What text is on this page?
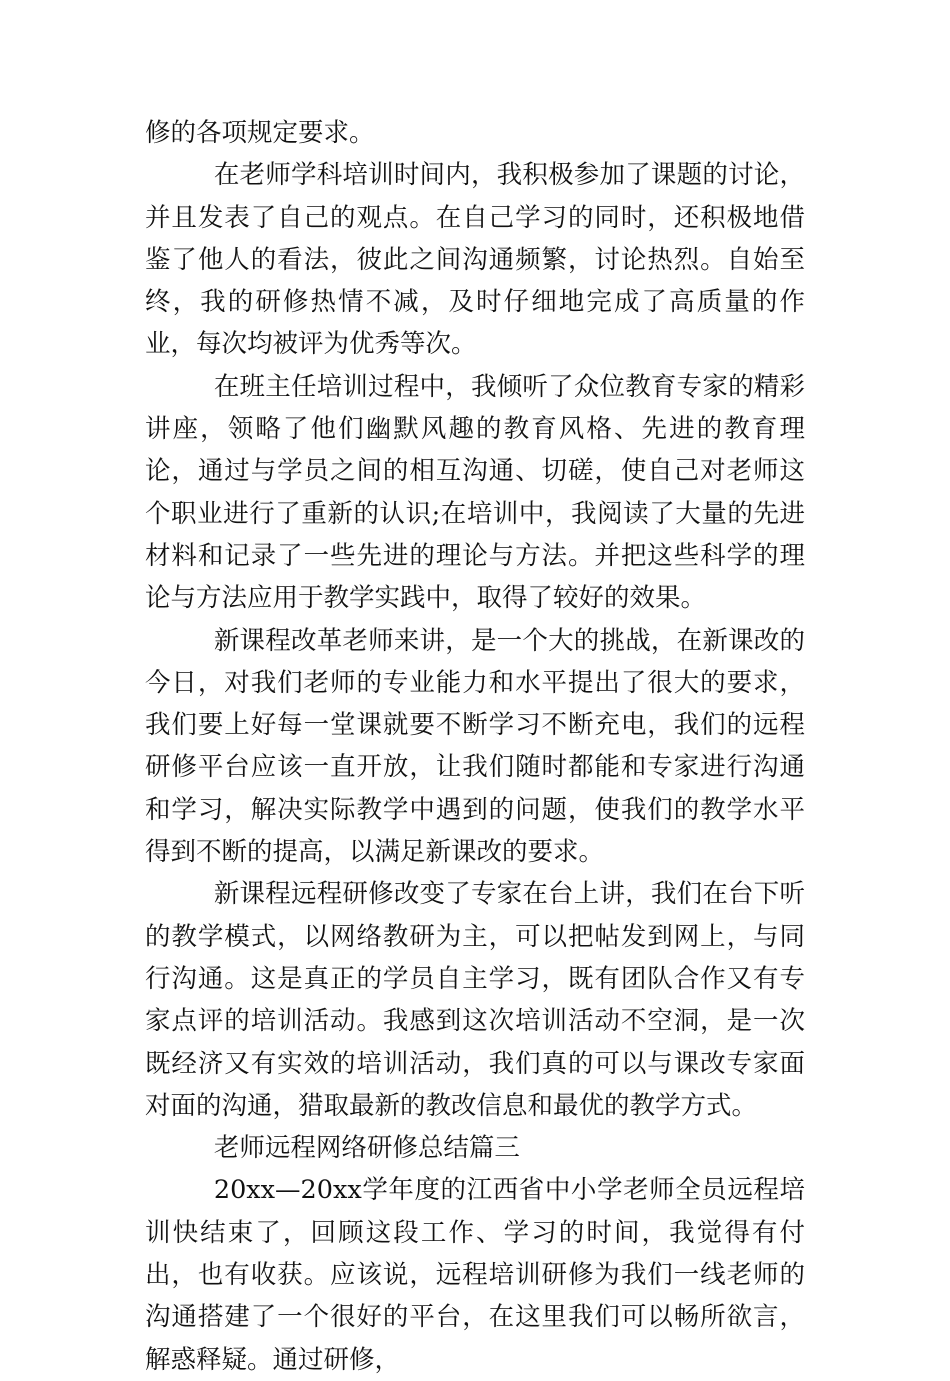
修的各项规定要求。

在老师学科培训时间内，我积极参加了课题的讨论，并且发表了自己的观点。在自己学习的同时，还积极地借鉴了他人的看法，彼此之间沟通频繁，讨论热烈。自始至终，我的研修热情不减，及时仔细地完成了高质量的作业，每次均被评为优秀等次。

在班主任培训过程中，我倾听了众位教育专家的精彩讲座，领略了他们幽默风趣的教育风格、先进的教育理论，通过与学员之间的相互沟通、切磋，使自己对老师这个职业进行了重新的认识;在培训中，我阅读了大量的先进材料和记录了一些先进的理论与方法。并把这些科学的理论与方法应用于教学实践中，取得了较好的效果。

新课程改革老师来讲，是一个大的挑战，在新课改的今日，对我们老师的专业能力和水平提出了很大的要求，我们要上好每一堂课就要不断学习不断充电，我们的远程研修平台应该一直开放，让我们随时都能和专家进行沟通和学习，解决实际教学中遇到的问题，使我们的教学水平得到不断的提高，以满足新课改的要求。

新课程远程研修改变了专家在台上讲，我们在台下听的教学模式，以网络教研为主，可以把帖发到网上，与同行沟通。这是真正的学员自主学习，既有团队合作又有专家点评的培训活动。我感到这次培训活动不空洞，是一次既经济又有实效的培训活动，我们真的可以与课改专家面对面的沟通，猎取最新的教改信息和最优的教学方式。

老师远程网络研修总结篇三

20xx—20xx学年度的江西省中小学老师全员远程培训快结束了，回顾这段工作、学习的时间，我觉得有付出，也有收获。应该说，远程培训研修为我们一线老师的沟通搭建了一个很好的平台，在这里我们可以畅所欲言，解惑释疑。通过研修，
